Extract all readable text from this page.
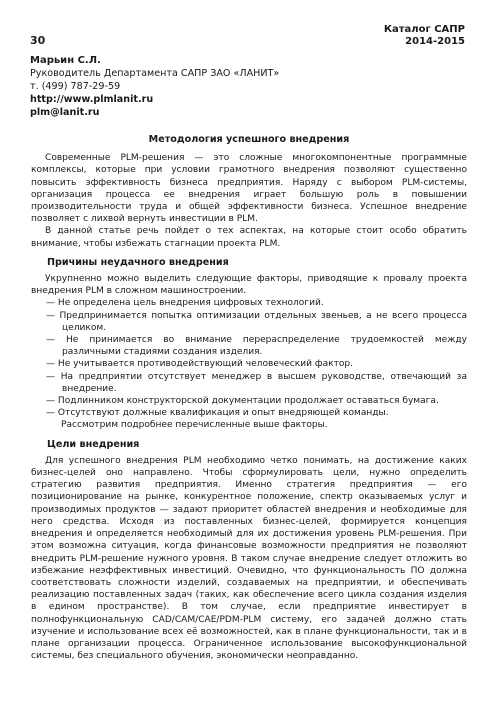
30
Каталог САПР
2014-2015
Марьин С.Л.
Руководитель Департамента САПР ЗАО «ЛАНИТ»
т. (499) 787-29-59
http://www.plmlanit.ru
plm@lanit.ru
Методология успешного внедрения

Современные PLM-решения — это сложные многокомпонентные программные комплексы, которые при условии грамотного внедрения позволяют существенно повысить эффективность бизнеса предприятия. Наряду с выбором PLM-системы, организация процесса ее внедрения играет большую роль в повышении производительности труда и общей эффективности бизнеса. Успешное внедрение позволяет с лихвой вернуть инвестиции в PLM.

В данной статье речь пойдет о тех аспектах, на которые стоит особо обратить внимание, чтобы избежать стагнации проекта PLM.

Причины неудачного внедрения

Укрупненно можно выделить следующие факторы, приводящие к провалу проекта внедрения PLM в сложном машиностроении.

— Не определена цель внедрения цифровых технологий.
— Предпринимается попытка оптимизации отдельных звеньев, а не всего процесса целиком.
— Не принимается во внимание перераспределение трудоемкостей между различными стадиями создания изделия.
— Не учитывается противодействующий человеческий фактор.
— На предприятии отсутствует менеджер в высшем руководстве, отвечающий за внедрение.
— Подлинником конструкторской документации продолжает оставаться бумага.
— Отсутствуют должные квалификация и опыт внедряющей команды.

Рассмотрим подробнее перечисленные выше факторы.

Цели внедрения

Для успешного внедрения PLM необходимо четко понимать, на достижение каких бизнес-целей оно направлено. Чтобы сформулировать цели, нужно определить стратегию развития предприятия. Именно стратегия предприятия — его позиционирование на рынке, конкурентное положение, спектр оказываемых услуг и производимых продуктов — задают приоритет областей внедрения и необходимые для него средства. Исходя из поставленных бизнес-целей, формируется концепция внедрения и определяется необходимый для их достижения уровень PLM-решения. При этом возможна ситуация, когда финансовые возможности предприятия не позволяют внедрить PLM-решение нужного уровня. В таком случае внедрение следует отложить во избежание неэффективных инвестиций. Очевидно, что функциональность ПО должна соответствовать сложности изделий, создаваемых на предприятии, и обеспечивать реализацию поставленных задач (таких, как обеспечение всего цикла создания изделия в едином пространстве). В том случае, если предприятие инвестирует в полнофункциональную CAD/CAM/CAE/PDM-PLM систему, его задачей должно стать изучение и использование всех её возможностей, как в плане функциональности, так и в плане организации процесса. Ограниченное использование высокофункциональной системы, без специального обучения, экономически неоправданно.
